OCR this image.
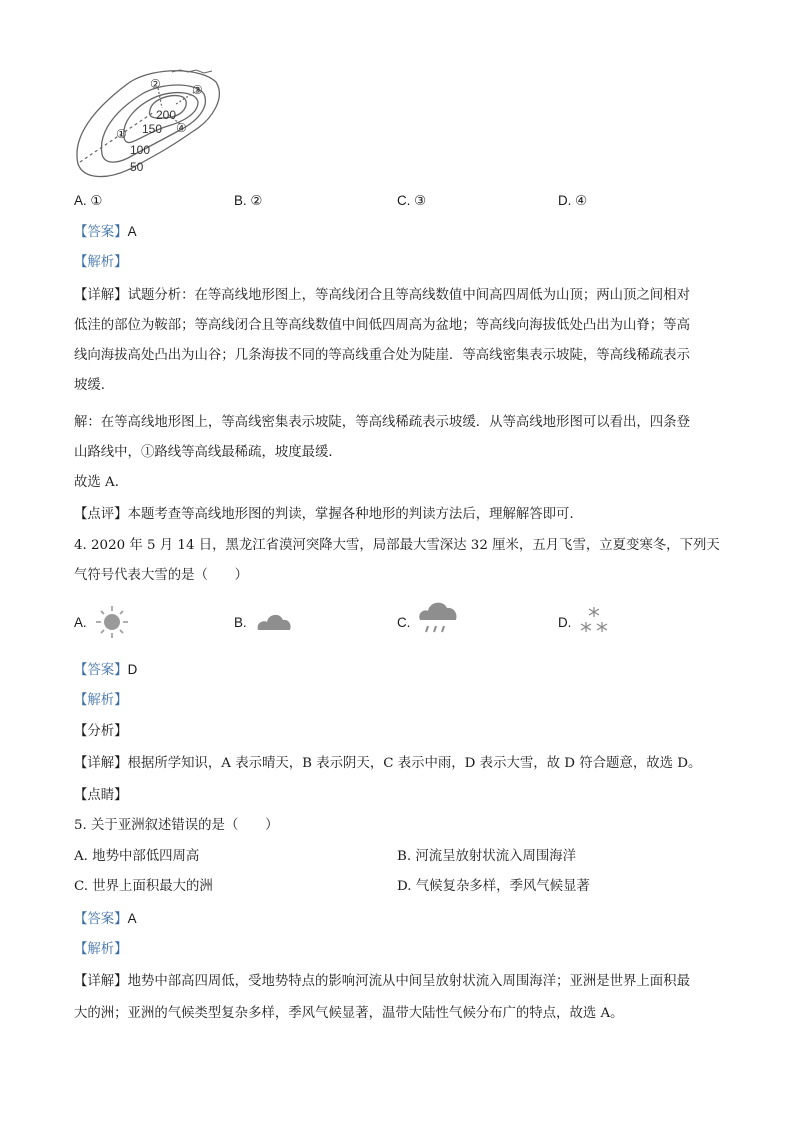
②	③
①	④
200
150
100
50
A. ①	B. ②	C. ③	D. ④
【答案】A
【解析】
【详解】试题分析：在等高线地形图上，等高线闭合且等高线数值中间高四周低为山顶；两山顶之间相对
低洼的部位为鞍部；等高线闭合且等高线数值中间低四周高为盆地；等高线向海拔低处凸出为山脊；等高
线向海拔高处凸出为山谷；几条海拔不同的等高线重合处为陡崖．等高线密集表示坡陡，等高线稀疏表示
坡缓．
解：在等高线地形图上，等高线密集表示坡陡，等高线稀疏表示坡缓．从等高线地形图可以看出，四条登
山路线中，①路线等高线最稀疏，坡度最缓．
故选 A．
【点评】本题考查等高线地形图的判读，掌握各种地形的判读方法后，理解解答即可．
4. 2020 年 5 月 14 日，黑龙江省漠河突降大雪，局部最大雪深达 32 厘米，五月飞雪，立夏变寒冬，下列天
气符号代表大雪的是（　　）
A.	B.	C.	D.
【答案】D
【解析】
【分析】
【详解】根据所学知识，A 表示晴天，B 表示阴天，C 表示中雨，D 表示大雪，故 D 符合题意，故选 D。
【点睛】
5. 关于亚洲叙述错误的是（　　）
A. 地势中部低四周高	B. 河流呈放射状流入周围海洋
C. 世界上面积最大的洲	D. 气候复杂多样，季风气候显著
【答案】A
【解析】
【详解】地势中部高四周低，受地势特点的影响河流从中间呈放射状流入周围海洋；亚洲是世界上面积最
大的洲；亚洲的气候类型复杂多样，季风气候显著，温带大陆性气候分布广的特点，故选 A。
